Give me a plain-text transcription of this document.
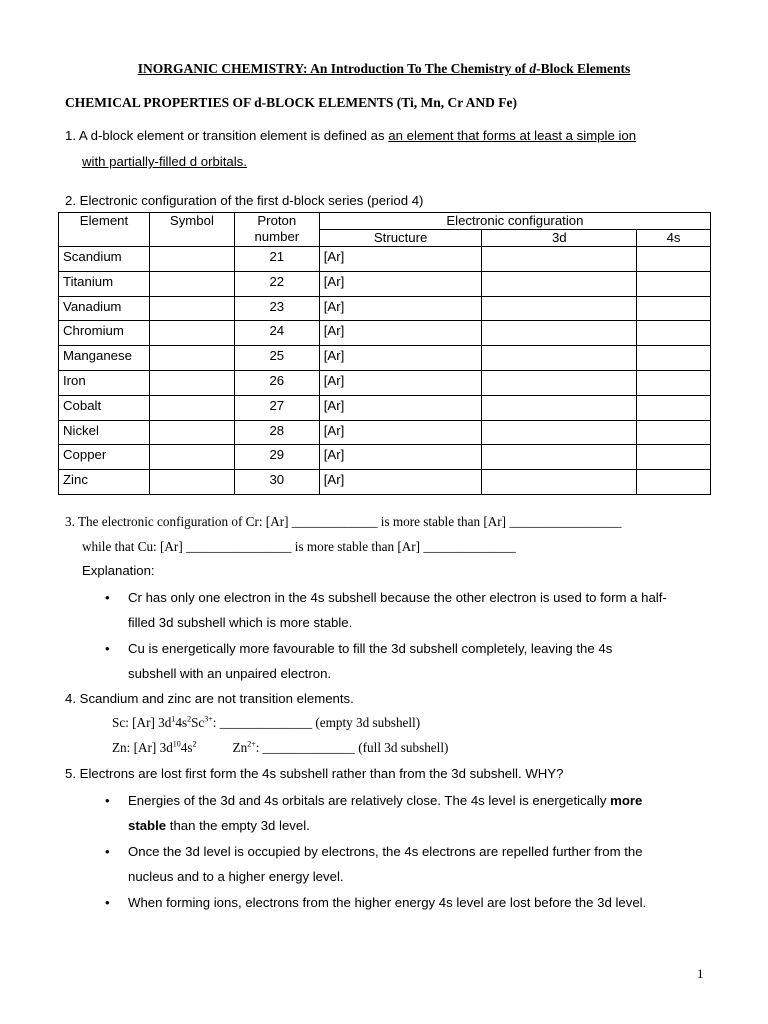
INORGANIC CHEMISTRY: An Introduction To The Chemistry of d-Block Elements
CHEMICAL PROPERTIES OF d-BLOCK ELEMENTS (Ti, Mn, Cr AND Fe)
1. A d-block element or transition element is defined as an element that forms at least a simple ion
with partially-filled d orbitals.
2. Electronic configuration of the first d-block series (period 4)
Element	Symbol	Proton number	Electronic configuration		
			Structure	3d	4s
Scandium		21	[Ar]		
Titanium		22	[Ar]		
Vanadium		23	[Ar]		
Chromium		24	[Ar]		
Manganese		25	[Ar]		
Iron		26	[Ar]		
Cobalt		27	[Ar]		
Nickel		28	[Ar]		
Copper		29	[Ar]		
Zinc		30	[Ar]		
3. The electronic configuration of Cr: [Ar] _____________ is more stable than [Ar] _________________
while that Cu: [Ar] ________________ is more stable than [Ar] ______________
Explanation:
• Cr has only one electron in the 4s subshell because the other electron is used to form a half-
filled 3d subshell which is more stable.
• Cu is energetically more favourable to fill the 3d subshell completely, leaving the 4s
subshell with an unpaired electron.
4. Scandium and zinc are not transition elements.
Sc: [Ar] $3d^14s^2Sc^{3+}$: ______________ (empty 3d subshell)
Zn: [Ar] $3d^{10}4s^2$	$Zn^{2+}$: ______________ (full 3d subshell)
5. Electrons are lost first form the 4s subshell rather than from the 3d subshell. WHY?
• Energies of the 3d and 4s orbitals are relatively close. The 4s level is energetically more
stable than the empty 3d level.
• Once the 3d level is occupied by electrons, the 4s electrons are repelled further from the
nucleus and to a higher energy level.
• When forming ions, electrons from the higher energy 4s level are lost before the 3d level.
1
